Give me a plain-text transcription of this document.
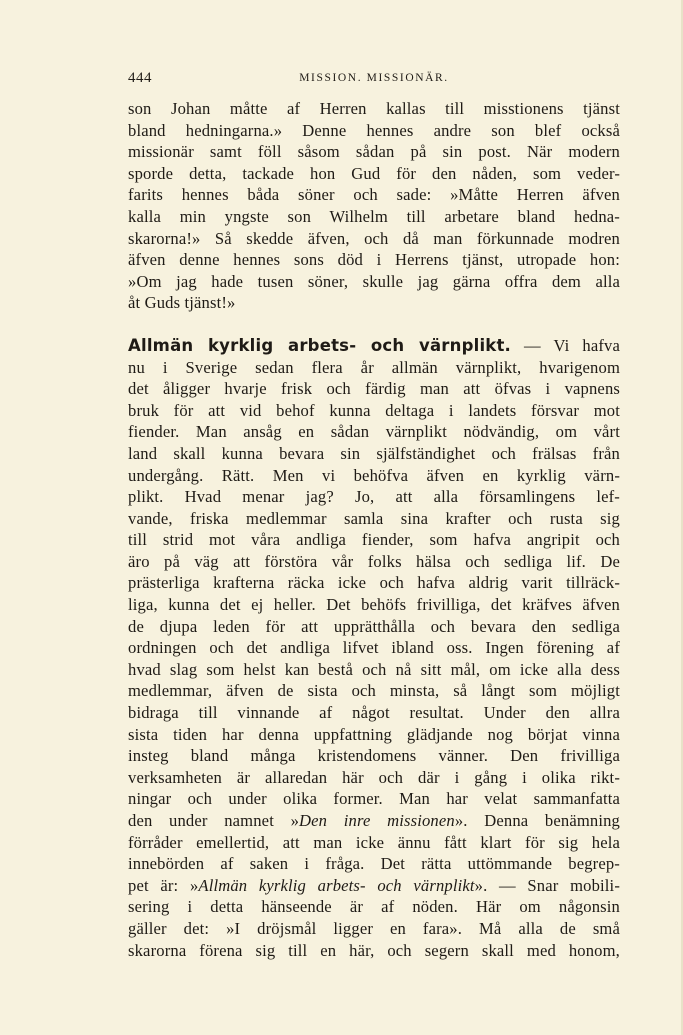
444	MISSION. MISSIONÄR.
son Johan måtte af Herren kallas till misstionens tjänst
bland hedningarna.» Denne hennes andre son blef också
missionär samt föll såsom sådan på sin post. När modern
sporde detta, tackade hon Gud för den nåden, som veder-
farits hennes båda söner och sade: »Måtte Herren äfven
kalla min yngste son Wilhelm till arbetare bland hedna-
skarorna!» Så skedde äfven, och då man förkunnade modren
äfven denne hennes sons död i Herrens tjänst, utropade hon:
»Om jag hade tusen söner, skulle jag gärna offra dem alla
åt Guds tjänst!»
Allmän kyrklig arbets- och värnplikt. — Vi hafva
nu i Sverige sedan flera år allmän värnplikt, hvarigenom
det åligger hvarje frisk och färdig man att öfvas i vapnens
bruk för att vid behof kunna deltaga i landets försvar mot
fiender. Man ansåg en sådan värnplikt nödvändig, om vårt
land skall kunna bevara sin själfständighet och frälsas från
undergång. Rätt. Men vi behöfva äfven en kyrklig värn-
plikt. Hvad menar jag? Jo, att alla församlingens lef-
vande, friska medlemmar samla sina krafter och rusta sig
till strid mot våra andliga fiender, som hafva angripit och
äro på väg att förstöra vår folks hälsa och sedliga lif. De
prästerliga krafterna räcka icke och hafva aldrig varit tillräck-
liga, kunna det ej heller. Det behöfs frivilliga, det kräfves äfven
de djupa leden för att upprätthålla och bevara den sedliga
ordningen och det andliga lifvet ibland oss. Ingen förening af
hvad slag som helst kan bestå och nå sitt mål, om icke alla dess
medlemmar, äfven de sista och minsta, så långt som möjligt
bidraga till vinnande af något resultat. Under den allra
sista tiden har denna uppfattning glädjande nog börjat vinna
insteg bland många kristendomens vänner. Den frivilliga
verksamheten är allaredan här och där i gång i olika rikt-
ningar och under olika former. Man har velat sammanfatta
den under namnet »Den inre missionen». Denna benämning
förråder emellertid, att man icke ännu fått klart för sig hela
innebörden af saken i fråga. Det rätta uttömmande begrep-
pet är: »Allmän kyrklig arbets- och värnplikt». — Snar mobili-
sering i detta hänseende är af nöden. Här om någonsin
gäller det: »I dröjsmål ligger en fara». Må alla de små
skarorna förena sig till en här, och segern skall med honom,
